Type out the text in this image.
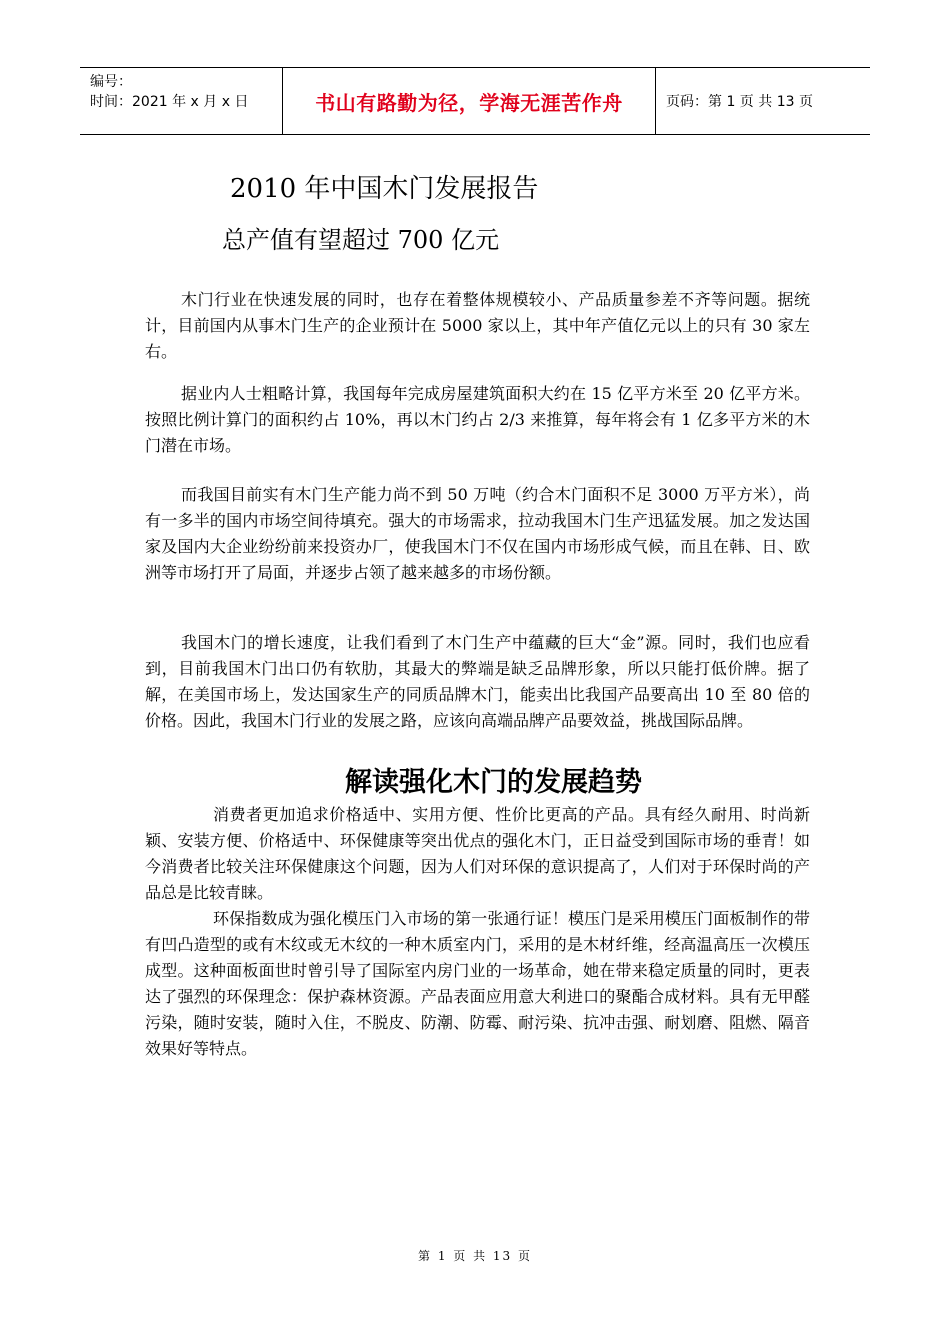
编号：
时间：2021 年 x 月 x 日	书山有路勤为径，学海无涯苦作舟	页码：第 1 页 共 13 页
2010 年中国木门发展报告
总产值有望超过 700 亿元

木门行业在快速发展的同时，也存在着整体规模较小、产品质量参差不齐等问题。据统计，目前国内从事木门生产的企业预计在 5000 家以上，其中年产值亿元以上的只有 30 家左右。

据业内人士粗略计算，我国每年完成房屋建筑面积大约在 15 亿平方米至 20 亿平方米。按照比例计算门的面积约占 10%，再以木门约占 2/3 来推算，每年将会有 1 亿多平方米的木门潜在市场。

而我国目前实有木门生产能力尚不到 50 万吨（约合木门面积不足 3000 万平方米），尚有一多半的国内市场空间待填充。强大的市场需求，拉动我国木门生产迅猛发展。加之发达国家及国内大企业纷纷前来投资办厂，使我国木门不仅在国内市场形成气候，而且在韩、日、欧洲等市场打开了局面，并逐步占领了越来越多的市场份额。

我国木门的增长速度，让我们看到了木门生产中蕴藏的巨大“金”源。同时，我们也应看到，目前我国木门出口仍有软肋，其最大的弊端是缺乏品牌形象，所以只能打低价牌。据了解，在美国市场上，发达国家生产的同质品牌木门，能卖出比我国产品要高出 10 至 80 倍的价格。因此，我国木门行业的发展之路，应该向高端品牌产品要效益，挑战国际品牌。

解读强化木门的发展趋势

消费者更加追求价格适中、实用方便、性价比更高的产品。具有经久耐用、时尚新颖、安装方便、价格适中、环保健康等突出优点的强化木门，正日益受到国际市场的垂青！如今消费者比较关注环保健康这个问题，因为人们对环保的意识提高了，人们对于环保时尚的产品总是比较青睐。

环保指数成为强化模压门入市场的第一张通行证！模压门是采用模压门面板制作的带有凹凸造型的或有木纹或无木纹的一种木质室内门，采用的是木材纤维，经高温高压一次模压成型。这种面板面世时曾引导了国际室内房门业的一场革命，她在带来稳定质量的同时，更表达了强烈的环保理念：保护森林资源。产品表面应用意大利进口的聚酯合成材料。具有无甲醛污染，随时安装，随时入住，不脱皮、防潮、防霉、耐污染、抗冲击强、耐划磨、阻燃、隔音效果好等特点。

第 1 页 共 13 页
